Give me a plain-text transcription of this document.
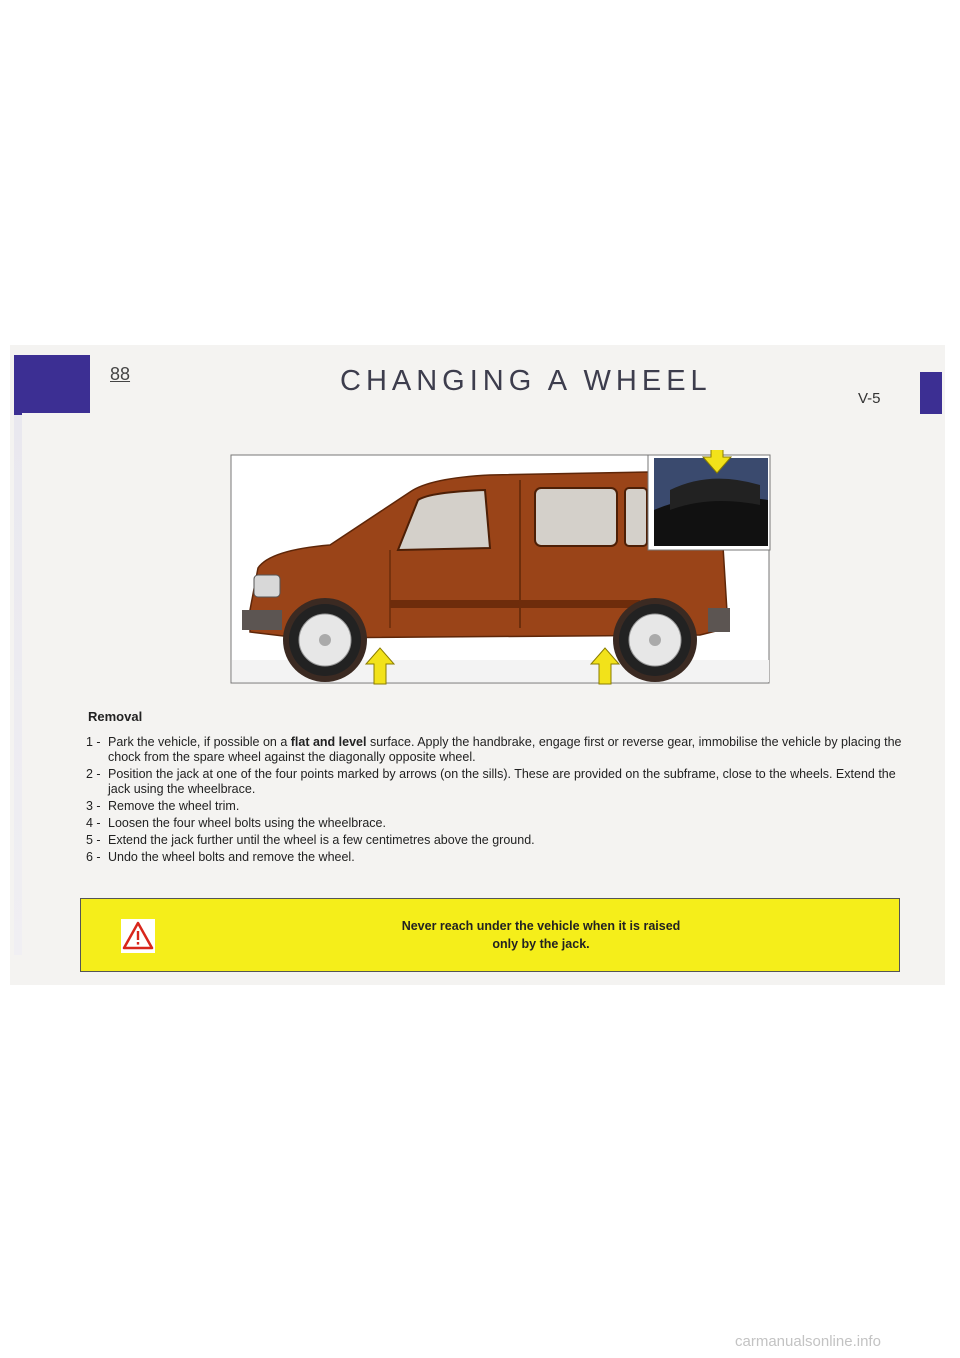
88	CHANGING A WHEEL
V-5
Removal
1 - Park the vehicle, if possible on a flat and level surface. Apply the handbrake, engage first or reverse gear, immobilise the vehicle by placing the chock from the spare wheel against the diagonally opposite wheel.
2 - Position the jack at one of the four points marked by arrows (on the sills). These are provided on the subframe, close to the wheels. Extend the jack using the wheelbrace.
3 - Remove the wheel trim.
4 - Loosen the four wheel bolts using the wheelbrace.
5 - Extend the jack further until the wheel is a few centimetres above the ground.
6 - Undo the wheel bolts and remove the wheel.
Never reach under the vehicle when it is raised
only by the jack.
carmanualsonline.info
